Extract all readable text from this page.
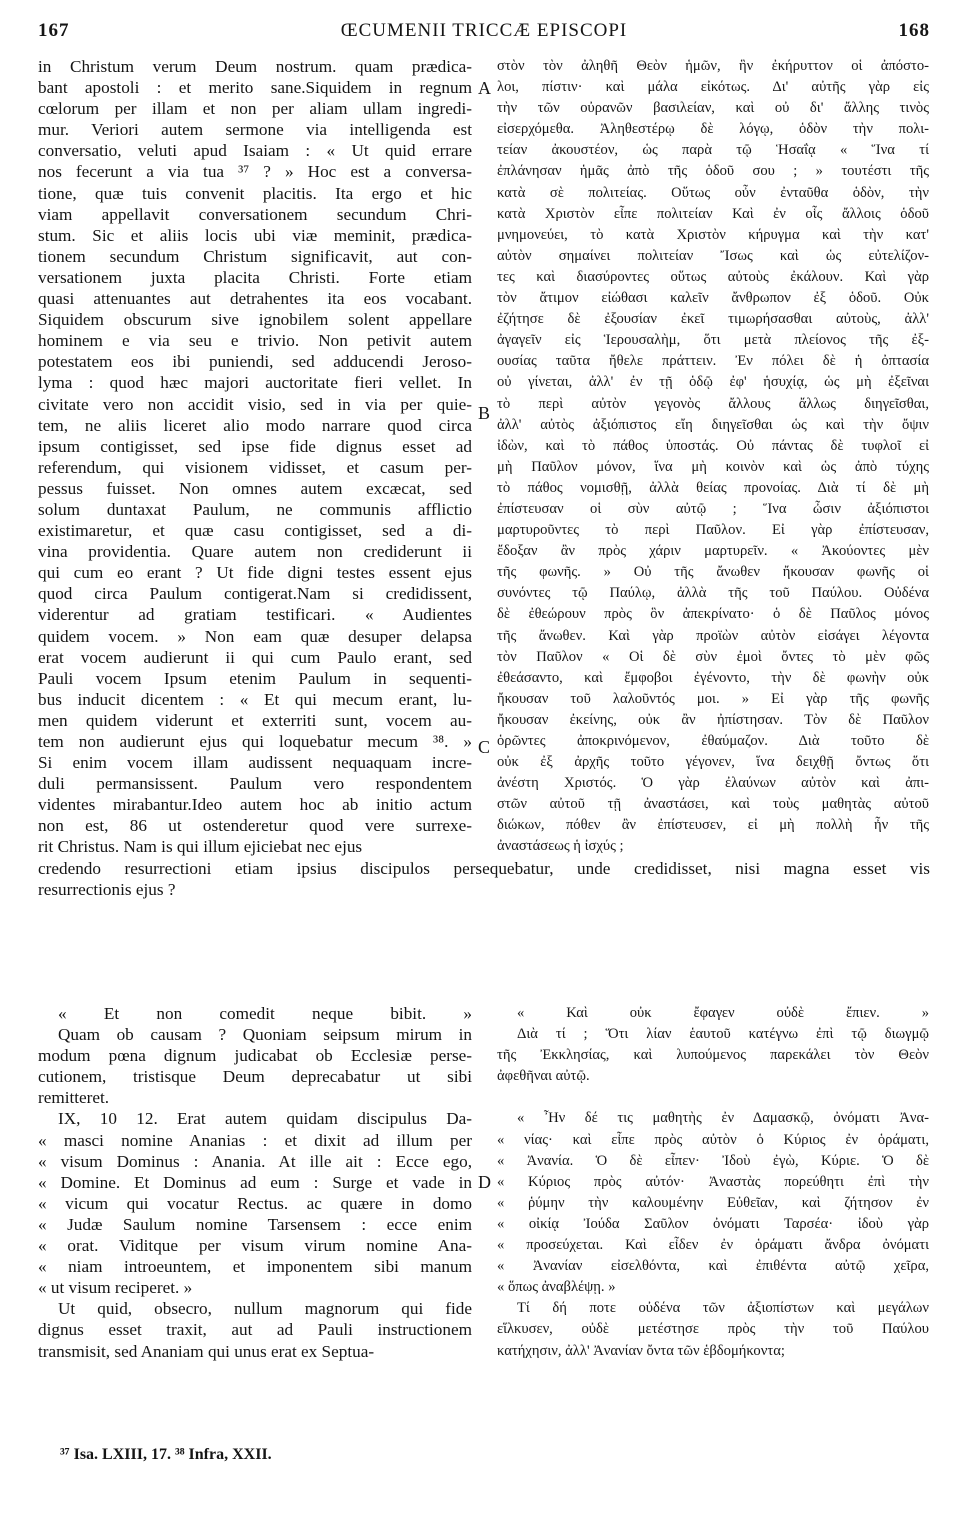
167	ŒCUMENII TRICCÆ EPISCOPI	168
A
B
C
D
in Christum verum Deum nostrum. quam prædica-
bant apostoli : et merito sane.Siquidem in regnum
cœlorum per illam et non per aliam ullam ingredi-
mur. Veriori autem sermone via intelligenda est
conversatio, veluti apud Isaiam : « Ut quid errare
nos fecerunt a via tua ³⁷ ? » Hoc est a conversa-
tione, quæ tuis convenit placitis. Ita ergo et hic
viam appellavit conversationem secundum Chri-
stum. Sic et aliis locis ubi viæ meminit, prædica-
tionem secundum Christum significavit, aut con-
versationem juxta placita Christi. Forte etiam
quasi attenuantes aut detrahentes ita eos vocabant.
Siquidem obscurum sive ignobilem solent appellare
hominem e via seu e trivio. Non petivit autem
potestatem eos ibi puniendi, sed adducendi Jeroso-
lyma : quod hæc majori auctoritate fieri vellet. In
civitate vero non accidit visio, sed in via per quie-
tem, ne aliis liceret alio modo narrare quod circa
ipsum contigisset, sed ipse fide dignus esset ad
referendum, qui visionem vidisset, et casum per-
pessus fuisset. Non omnes autem excæcat, sed
solum duntaxat Paulum, ne communis afflictio
existimaretur, et quæ casu contigisset, sed a di-
vina providentia. Quare autem non crediderunt ii
qui cum eo erant ? Ut fide digni testes essent ejus
quod circa Paulum contigerat.Nam si credidissent,
viderentur ad gratiam testificari. « Audientes
quidem vocem. » Non eam quæ desuper delapsa
erat vocem audierunt ii qui cum Paulo erant, sed
Pauli vocem Ipsum etenim Paulum in sequenti-
bus inducit dicentem : « Et qui mecum erant, lu-
men quidem viderunt et exterriti sunt, vocem au-
tem non audierunt ejus qui loquebatur mecum ³⁸. »
Si enim vocem illam audissent nequaquam incre-
duli permansissent. Paulum vero respondentem
videntes mirabantur.Ideo autem hoc ab initio actum
non est, 86 ut ostenderetur quod vere surrexe-
rit Christus. Nam is qui illum ejiciebat nec ejus
στὸν τὸν ἀληθῆ Θεὸν ἡμῶν, ἣν ἐκήρυττον οἱ ἀπόστο-
λοι, πίστιν· καὶ μάλα εἰκότως. Δι' αὐτῆς γὰρ εἰς
τὴν τῶν οὐρανῶν βασιλείαν, καὶ οὐ δι' ἄλλης τινὸς
εἰσερχόμεθα. Ἀληθεστέρῳ δὲ λόγῳ, ὁδὸν τὴν πολι-
τείαν ἀκουστέον, ὡς παρὰ τῷ Ἡσαΐᾳ « Ἵνα τί
ἐπλάνησαν ἡμᾶς ἀπὸ τῆς ὁδοῦ σου ; » τουτέστι τῆς
κατὰ σὲ πολιτείας. Οὕτως οὖν ἐνταῦθα ὁδὸν, τὴν
κατὰ Χριστὸν εἶπε πολιτείαν Καὶ ἐν οἷς ἄλλοις ὁδοῦ
μνημονεύει, τὸ κατὰ Χριστὸν κήρυγμα καὶ τὴν κατ'
αὐτὸν σημαίνει πολιτείαν Ἴσως καὶ ὡς εὐτελίζον-
τες καὶ διασύροντες οὕτως αὐτοὺς ἐκάλουν. Καὶ γὰρ
τὸν ἄτιμον εἰώθασι καλεῖν ἄνθρωπον ἐξ ὁδοῦ. Οὐκ
ἐζήτησε δὲ ἐξουσίαν ἐκεῖ τιμωρήσασθαι αὐτοὺς, ἀλλ'
ἀγαγεῖν εἰς Ἱερουσαλὴμ, ὅτι μετὰ πλείονος τῆς ἐξ-
ουσίας ταῦτα ἤθελε πράττειν. Ἐν πόλει δὲ ἡ ὀπτασία
οὐ γίνεται, ἀλλ' ἐν τῇ ὁδῷ ἐφ' ἡσυχίᾳ, ὡς μὴ ἐξεῖναι
τὸ περὶ αὐτὸν γεγονὸς ἄλλους ἄλλως διηγεῖσθαι,
ἀλλ' αὐτὸς ἀξιόπιστος εἴη διηγεῖσθαι ὡς καὶ τὴν ὄψιν
ἰδὼν, καὶ τὸ πάθος ὑποστάς. Οὐ πάντας δὲ τυφλοῖ εἰ
μὴ Παῦλον μόνον, ἵνα μὴ κοινὸν καὶ ὡς ἀπὸ τύχης
τὸ πάθος νομισθῇ, ἀλλὰ θείας προνοίας. Διὰ τί δὲ μὴ
ἐπίστευσαν οἱ σὺν αὐτῷ ; Ἵνα ὦσιν ἀξιόπιστοι
μαρτυροῦντες τὸ περὶ Παῦλον. Εἰ γὰρ ἐπίστευσαν,
ἔδοξαν ἂν πρὸς χάριν μαρτυρεῖν. « Ἀκούοντες μὲν
τῆς φωνῆς. » Οὐ τῆς ἄνωθεν ἤκουσαν φωνῆς οἱ
συνόντες τῷ Παύλῳ, ἀλλὰ τῆς τοῦ Παύλου. Οὐδένα
δὲ ἐθεώρουν πρὸς ὃν ἀπεκρίνατο· ὁ δὲ Παῦλος μόνος
τῆς ἄνωθεν. Καὶ γὰρ προϊὼν αὐτὸν εἰσάγει λέγοντα
τὸν Παῦλον « Οἱ δὲ σὺν ἐμοὶ ὄντες τὸ μὲν φῶς
ἐθεάσαντο, καὶ ἔμφοβοι ἐγένοντο, τὴν δὲ φωνὴν οὐκ
ἤκουσαν τοῦ λαλοῦντός μοι. » Εἰ γὰρ τῆς φωνῆς
ἤκουσαν ἐκείνης, οὐκ ἂν ἠπίστησαν. Τὸν δὲ Παῦλον
ὁρῶντες ἀποκρινόμενον, ἐθαύμαζον. Διὰ τοῦτο δὲ
οὐκ ἐξ ἀρχῆς τοῦτο γέγονεν, ἵνα δειχθῇ ὄντως ὅτι
ἀνέστη Χριστός. Ὁ γὰρ ἐλαύνων αὐτὸν καὶ ἀπι-
στῶν αὐτοῦ τῇ ἀναστάσει, καὶ τοὺς μαθητὰς αὐτοῦ
διώκων, πόθεν ἂν ἐπίστευσεν, εἰ μὴ πολλὴ ἦν τῆς
ἀναστάσεως ἡ ἰσχύς ;
credendo resurrectioni etiam ipsius discipulos persequebatur, unde credidisset, nisi magna esset vis
resurrectionis ejus ?
« Et non comedit neque bibit. »
Quam ob causam ? Quoniam seipsum mirum in
modum pœna dignum judicabat ob Ecclesiæ perse-
cutionem, tristisque Deum deprecabatur ut sibi
remitteret.
IX, 10 12. Erat autem quidam discipulus Da-
« masci nomine Ananias : et dixit ad illum per
« visum Dominus : Anania. At ille ait : Ecce ego,
« Domine. Et Dominus ad eum : Surge et vade in
« vicum qui vocatur Rectus. ac quære in domo
« Judæ Saulum nomine Tarsensem : ecce enim
« orat. Viditque per visum virum nomine Ana-
« niam introeuntem, et imponentem sibi manum
« ut visum reciperet. »
Ut quid, obsecro, nullum magnorum qui fide
dignus esset traxit, aut ad Pauli instructionem
transmisit, sed Ananiam qui unus erat ex Septua-
« Καὶ οὐκ ἔφαγεν οὐδὲ ἔπιεν. »
Διὰ τί ; Ὅτι λίαν ἑαυτοῦ κατέγνω ἐπὶ τῷ διωγμῷ
τῆς Ἐκκλησίας, καὶ λυπούμενος παρεκάλει τὸν Θεὸν
ἀφεθῆναι αὐτῷ.
« Ἦν δέ τις μαθητὴς ἐν Δαμασκῷ, ὀνόματι Ἀνα-
« νίας· καὶ εἶπε πρὸς αὐτὸν ὁ Κύριος ἐν ὁράματι,
« Ἀνανία. Ὁ δὲ εἶπεν· Ἰδοὺ ἐγὼ, Κύριε. Ὁ δὲ
« Κύριος πρὸς αὐτόν· Ἀναστὰς πορεύθητι ἐπὶ τὴν
« ῥύμην τὴν καλουμένην Εὐθεῖαν, καὶ ζήτησον ἐν
« οἰκίᾳ Ἰούδα Σαῦλον ὀνόματι Ταρσέα· ἰδοὺ γὰρ
« προσεύχεται. Καὶ εἶδεν ἐν ὁράματι ἄνδρα ὀνόματι
« Ἀνανίαν εἰσελθόντα, καὶ ἐπιθέντα αὐτῷ χεῖρα,
« ὅπως ἀναβλέψῃ. »
Τί δή ποτε οὐδένα τῶν ἀξιοπίστων καὶ μεγάλων
εἵλκυσεν, οὐδὲ μετέστησε πρὸς τὴν τοῦ Παύλου
κατήχησιν, ἀλλ' Ἀνανίαν ὄντα τῶν ἑβδομήκοντα;
³⁷ Isa. LXIII, 17. ³⁸ Infra, XXII.
